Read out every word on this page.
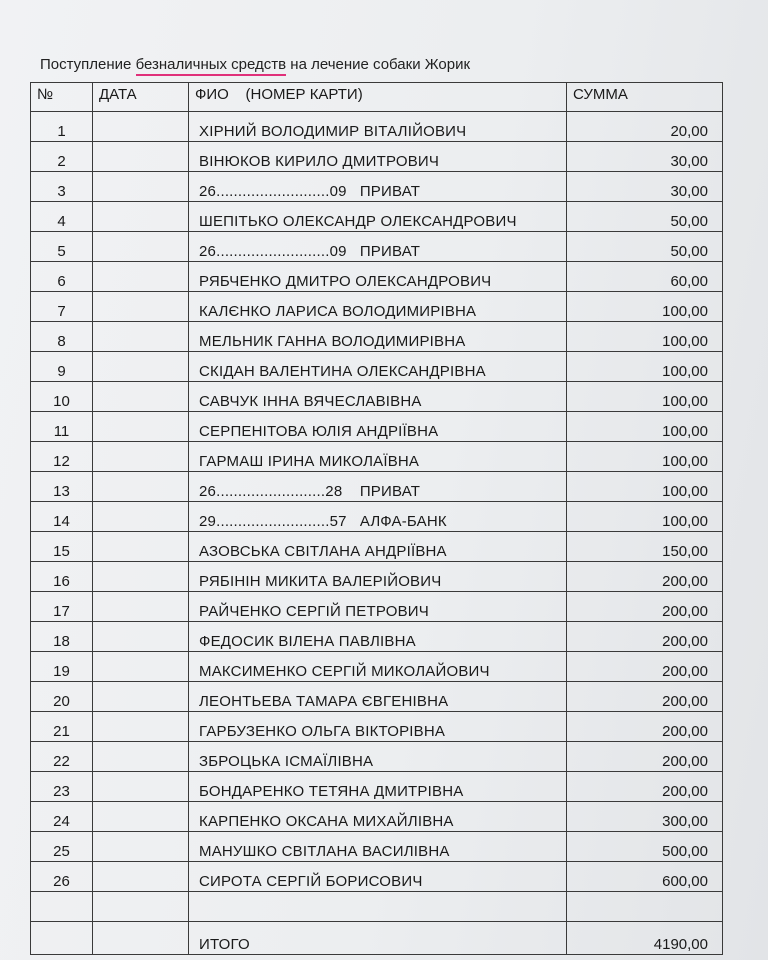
Поступление безналичных средств на лечение собаки Жорик
№	ДАТА	ФИО    (НОМЕР КАРТИ)	СУММА
1		ХІРНИЙ ВОЛОДИМИР ВІТАЛІЙОВИЧ	20,00
2		ВІНЮКОВ КИРИЛО ДМИТРОВИЧ	30,00
3		26..........................09   ПРИВАТ	30,00
4		ШЕПІТЬКО ОЛЕКСАНДР ОЛЕКСАНДРОВИЧ	50,00
5		26..........................09   ПРИВАТ	50,00
6		РЯБЧЕНКО ДМИТРО ОЛЕКСАНДРОВИЧ	60,00
7		КАЛЄНКО ЛАРИСА ВОЛОДИМИРІВНА	100,00
8		МЕЛЬНИК ГАННА ВОЛОДИМИРІВНА	100,00
9		СКІДАН ВАЛЕНТИНА ОЛЕКСАНДРІВНА	100,00
10		САВЧУК ІННА ВЯЧЕСЛАВІВНА	100,00
11		СЕРПЕНІТОВА ЮЛІЯ АНДРІЇВНА	100,00
12		ГАРМАШ ІРИНА МИКОЛАЇВНА	100,00
13		26.........................28    ПРИВАТ	100,00
14		29..........................57   АЛФА-БАНК	100,00
15		АЗОВСЬКА СВІТЛАНА АНДРІЇВНА	150,00
16		РЯБІНІН МИКИТА ВАЛЕРІЙОВИЧ	200,00
17		РАЙЧЕНКО СЕРГІЙ ПЕТРОВИЧ	200,00
18		ФЕДОСИК ВІЛЕНА ПАВЛІВНА	200,00
19		МАКСИМЕНКО СЕРГІЙ МИКОЛАЙОВИЧ	200,00
20		ЛЕОНТЬЕВА ТАМАРА ЄВГЕНІВНА	200,00
21		ГАРБУЗЕНКО ОЛЬГА ВІКТОРІВНА	200,00
22		ЗБРОЦЬКА ІСМАЇЛІВНА	200,00
23		БОНДАРЕНКО ТЕТЯНА ДМИТРІВНА	200,00
24		КАРПЕНКО ОКСАНА МИХАЙЛІВНА	300,00
25		МАНУШКО СВІТЛАНА ВАСИЛІВНА	500,00
26		СИРОТА СЕРГІЙ БОРИСОВИЧ	600,00

		ИТОГО	4190,00
